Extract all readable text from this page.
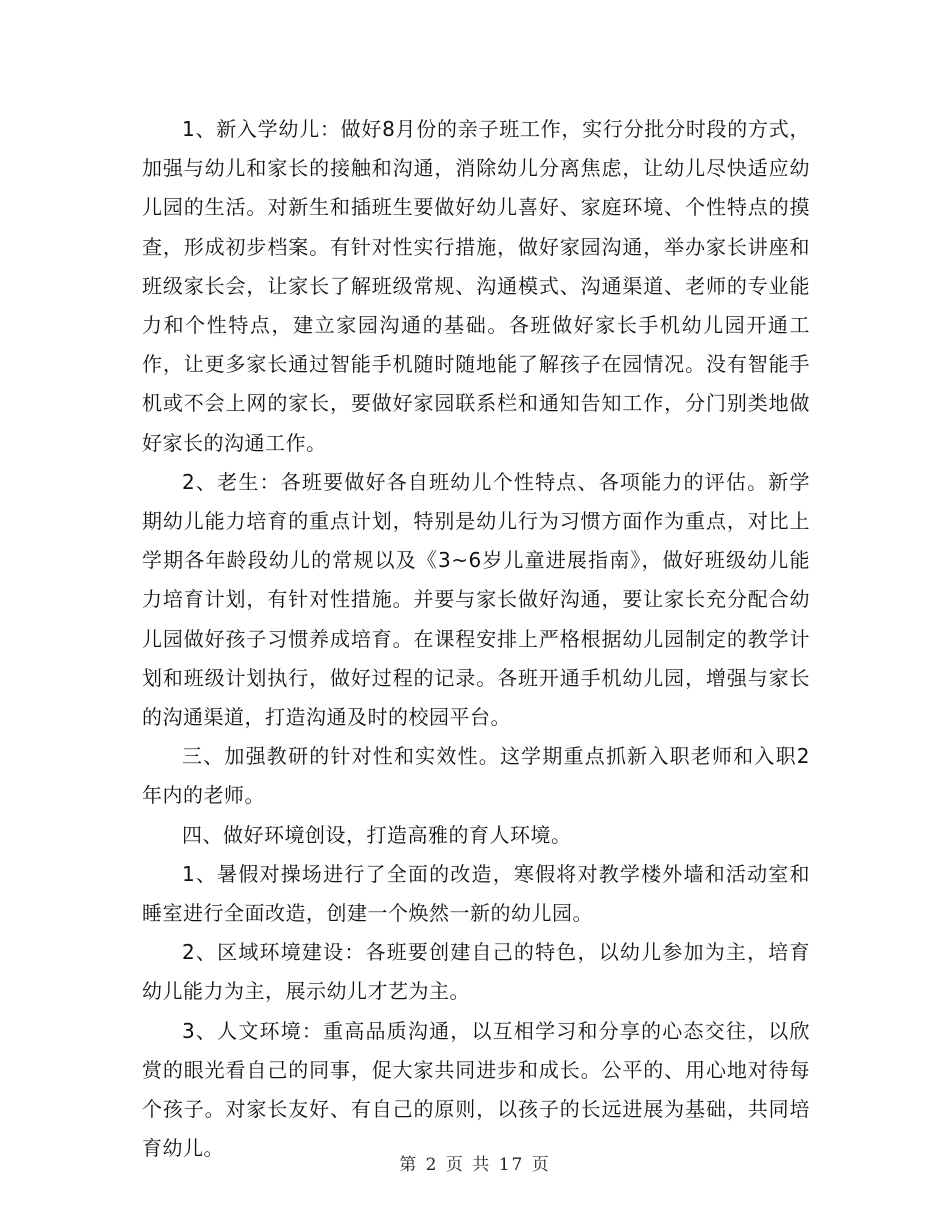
1、新入学幼儿：做好8月份的亲子班工作，实行分批分时段的方式，加强与幼儿和家长的接触和沟通，消除幼儿分离焦虑，让幼儿尽快适应幼儿园的生活。对新生和插班生要做好幼儿喜好、家庭环境、个性特点的摸查，形成初步档案。有针对性实行措施，做好家园沟通，举办家长讲座和班级家长会，让家长了解班级常规、沟通模式、沟通渠道、老师的专业能力和个性特点，建立家园沟通的基础。各班做好家长手机幼儿园开通工作，让更多家长通过智能手机随时随地能了解孩子在园情况。没有智能手机或不会上网的家长，要做好家园联系栏和通知告知工作，分门别类地做好家长的沟通工作。

2、老生：各班要做好各自班幼儿个性特点、各项能力的评估。新学期幼儿能力培育的重点计划，特别是幼儿行为习惯方面作为重点，对比上学期各年龄段幼儿的常规以及《3~6岁儿童进展指南》，做好班级幼儿能力培育计划，有针对性措施。并要与家长做好沟通，要让家长充分配合幼儿园做好孩子习惯养成培育。在课程安排上严格根据幼儿园制定的教学计划和班级计划执行，做好过程的记录。各班开通手机幼儿园，增强与家长的沟通渠道，打造沟通及时的校园平台。

三、加强教研的针对性和实效性。这学期重点抓新入职老师和入职2年内的老师。

四、做好环境创设，打造高雅的育人环境。

1、暑假对操场进行了全面的改造，寒假将对教学楼外墙和活动室和睡室进行全面改造，创建一个焕然一新的幼儿园。

2、区域环境建设：各班要创建自己的特色，以幼儿参加为主，培育幼儿能力为主，展示幼儿才艺为主。

3、人文环境：重高品质沟通，以互相学习和分享的心态交往，以欣赏的眼光看自己的同事，促大家共同进步和成长。公平的、用心地对待每个孩子。对家长友好、有自己的原则，以孩子的长远进展为基础，共同培育幼儿。

第 2 页 共 17 页
